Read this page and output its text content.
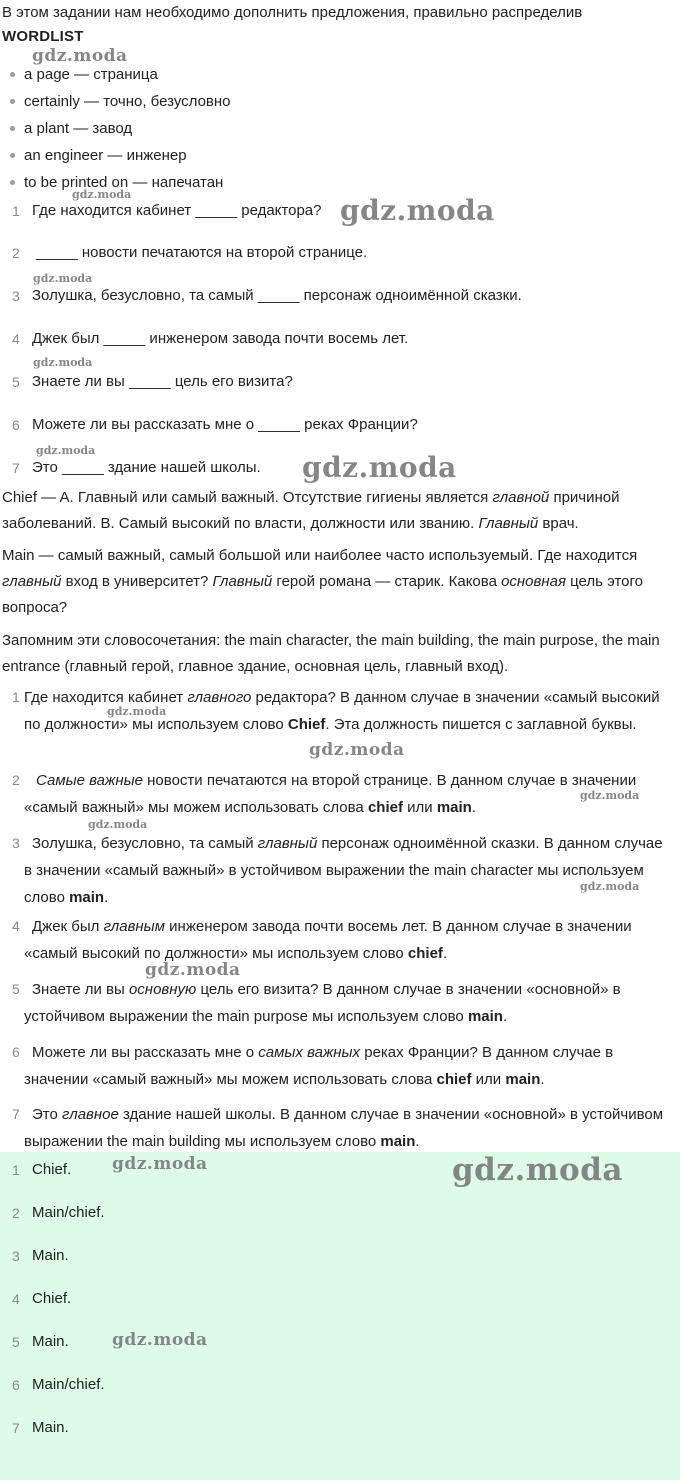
В этом задании нам необходимо дополнить предложения, правильно распределив
WORDLIST
a page — страница
certainly — точно, безусловно
a plant — завод
an engineer — инженер
to be printed on — напечатан
1 Где находится кабинет _____ редактора?
2 _____ новости печатаются на второй странице.
3 Золушка, безусловно, та самый _____ персонаж одноимённой сказки.
4 Джек был _____ инженером завода почти восемь лет.
5 Знаете ли вы _____ цель его визита?
6 Можете ли вы рассказать мне о _____ реках Франции?
7 Это _____ здание нашей школы.
Chief — A. Главный или самый важный. Отсутствие гигиены является главной причиной заболеваний. B. Самый высокий по власти, должности или званию. Главный врач.
Main — самый важный, самый большой или наиболее часто используемый. Где находится главный вход в университет? Главный герой романа — старик. Какова основная цель этого вопроса?
Запомним эти словосочетания: the main character, the main building, the main purpose, the main entrance (главный герой, главное здание, основная цель, главный вход).
1 Где находится кабинет главного редактора? В данном случае в значении «самый высокий по должности» мы используем слово Chief. Эта должность пишется с заглавной буквы.
2	Самые важные новости печатаются на второй странице. В данном случае в значении «самый важный» мы можем использовать слова chief или main.
3 Золушка, безусловно, та самый главный персонаж одноимённой сказки. В данном случае в значении «самый важный» в устойчивом выражении the main character мы используем слово main.
4 Джек был главным инженером завода почти восемь лет. В данном случае в значении «самый высокий по должности» мы используем слово chief.
5 Знаете ли вы основную цель его визита? В данном случае в значении «основной» в устойчивом выражении the main purpose мы используем слово main.
6 Можете ли вы рассказать мне о самых важных реках Франции? В данном случае в значении «самый важный» мы можем использовать слова chief или main.
7 Это главное здание нашей школы. В данном случае в значении «основной» в устойчивом выражении the main building мы используем слово main.
1 Chief.
2 Main/chief.
3 Main.
4 Chief.
5 Main.
6 Main/chief.
7 Main.
gdz.moda
gdz.moda	gdz.moda
gdz.moda
gdz.moda
gdz.moda
gdz.moda
gdz.moda
gdz.moda
gdz.moda
gdz.moda
gdz.moda
gdz.moda
gdz.moda	gdz.moda
gdz.moda
